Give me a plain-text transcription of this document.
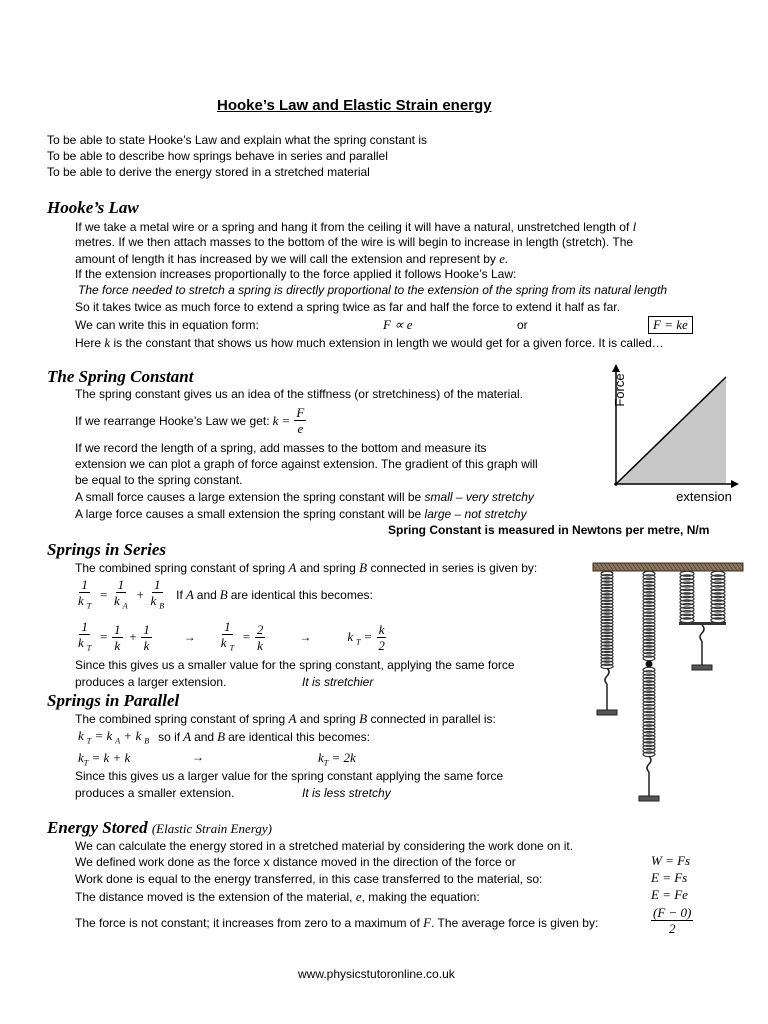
Hooke’s Law and Elastic Strain energy
To be able to state Hooke’s Law and explain what the spring constant is
To be able to describe how springs behave in series and parallel
To be able to derive the energy stored in a stretched material
Hooke’s Law
If we take a metal wire or a spring and hang it from the ceiling it will have a natural, unstretched length of l
metres. If we then attach masses to the bottom of the wire is will begin to increase in length (stretch). The
amount of length it has increased by we will call the extension and represent by e.
If the extension increases proportionally to the force applied it follows Hooke’s Law:
The force needed to stretch a spring is directly proportional to the extension of the spring from its natural length
So it takes twice as much force to extend a spring twice as far and half the force to extend it half as far.
We can write this in equation form:	F ∝ e	or	F = ke
Here k is the constant that shows us how much extension in length we would get for a given force. It is called…
The Spring Constant
The spring constant gives us an idea of the stiffness (or stretchiness) of the material.
If we rearrange Hooke’s Law we get: $k = \frac{F}{e}$
If we record the length of a spring, add masses to the bottom and measure its
extension we can plot a graph of force against extension. The gradient of this graph will
be equal to the spring constant.
A small force causes a large extension the spring constant will be small – very stretchy
A large force causes a small extension the spring constant will be large – not stretchy
Spring Constant is measured in Newtons per metre, N/m
Force
extension
Springs in Series
The combined spring constant of spring A and spring B connected in series is given by:
$\frac{1}{k _T} = \frac{1}{k _A} + \frac{1}{k _B}$ If A and B are identical this becomes:
$\frac{1}{k _T} = \frac{1}{k} + \frac{1}{k} \to \frac{1}{k _T} = \frac{2}{k}$	→	k $_T = \frac{k}{2}$
Since this gives us a smaller value for the spring constant, applying the same force
produces a larger extension.	It is stretchier
Springs in Parallel
The combined spring constant of spring A and spring B connected in parallel is:
k $_T$ = k $_A$ + k $_B$ so if A and B are identical this becomes:
$k_T = k + k$	→	$k_T = 2k$
Since this gives us a larger value for the spring constant applying the same force
produces a smaller extension.	It is less stretchy
Energy Stored (Elastic Strain Energy)
We can calculate the energy stored in a stretched material by considering the work done on it.
We defined work done as the force x distance moved in the direction of the force or	W = Fs
Work done is equal to the energy transferred, in this case transferred to the material, so:	E = Fs
The distance moved is the extension of the material, e, making the equation:	E = Fe
The force is not constant; it increases from zero to a maximum of F. The average force is given by:	$\frac{(F - 0)}{2}$
www.physicstutoronline.co.uk
